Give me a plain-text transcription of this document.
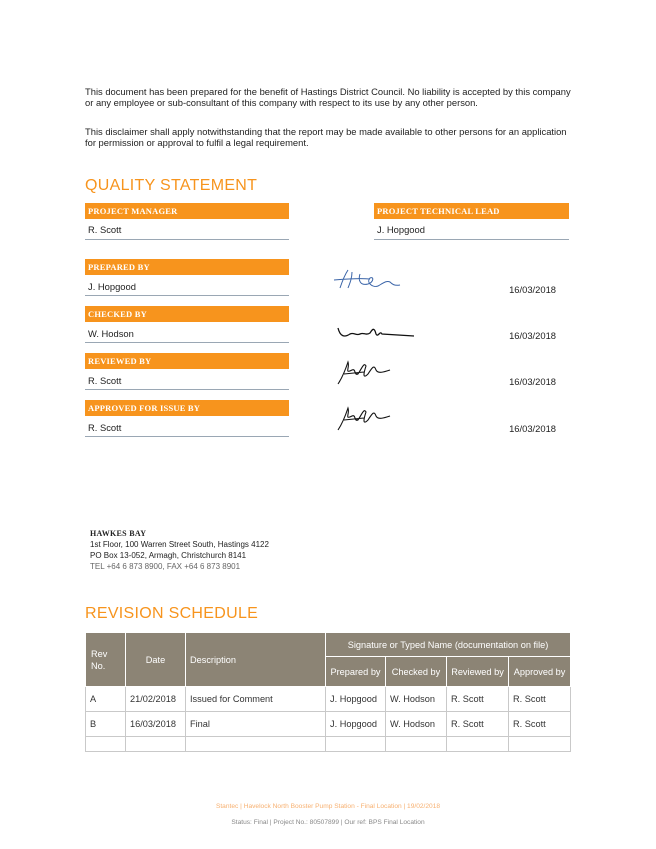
This document has been prepared for the benefit of Hastings District Council. No liability is accepted by this company or any employee or sub-consultant of this company with respect to its use by any other person.
This disclaimer shall apply notwithstanding that the report may be made available to other persons for an application for permission or approval to fulfil a legal requirement.
QUALITY STATEMENT
PROJECT MANAGER
R. Scott
PROJECT TECHNICAL LEAD
J. Hopgood
PREPARED BY
J. Hopgood	16/03/2018
CHECKED BY
W. Hodson	16/03/2018
REVIEWED BY
R. Scott	16/03/2018
APPROVED FOR ISSUE BY
R. Scott	16/03/2018
HAWKES BAY
1st Floor, 100 Warren Street South, Hastings 4122
PO Box 13-052, Armagh, Christchurch 8141
TEL +64 6 873 8900, FAX +64 6 873 8901
REVISION SCHEDULE
Rev No.	Date	Description	Signature or Typed Name (documentation on file)			
			Prepared by	Checked by	Reviewed by	Approved by
A	21/02/2018	Issued for Comment	J. Hopgood	W. Hodson	R. Scott	R. Scott
B	16/03/2018	Final	J. Hopgood	W. Hodson	R. Scott	R. Scott

Stantec | Havelock North Booster Pump Station - Final Location | 19/02/2018
Status: Final | Project No.: 80507899 | Our ref: BPS Final Location
